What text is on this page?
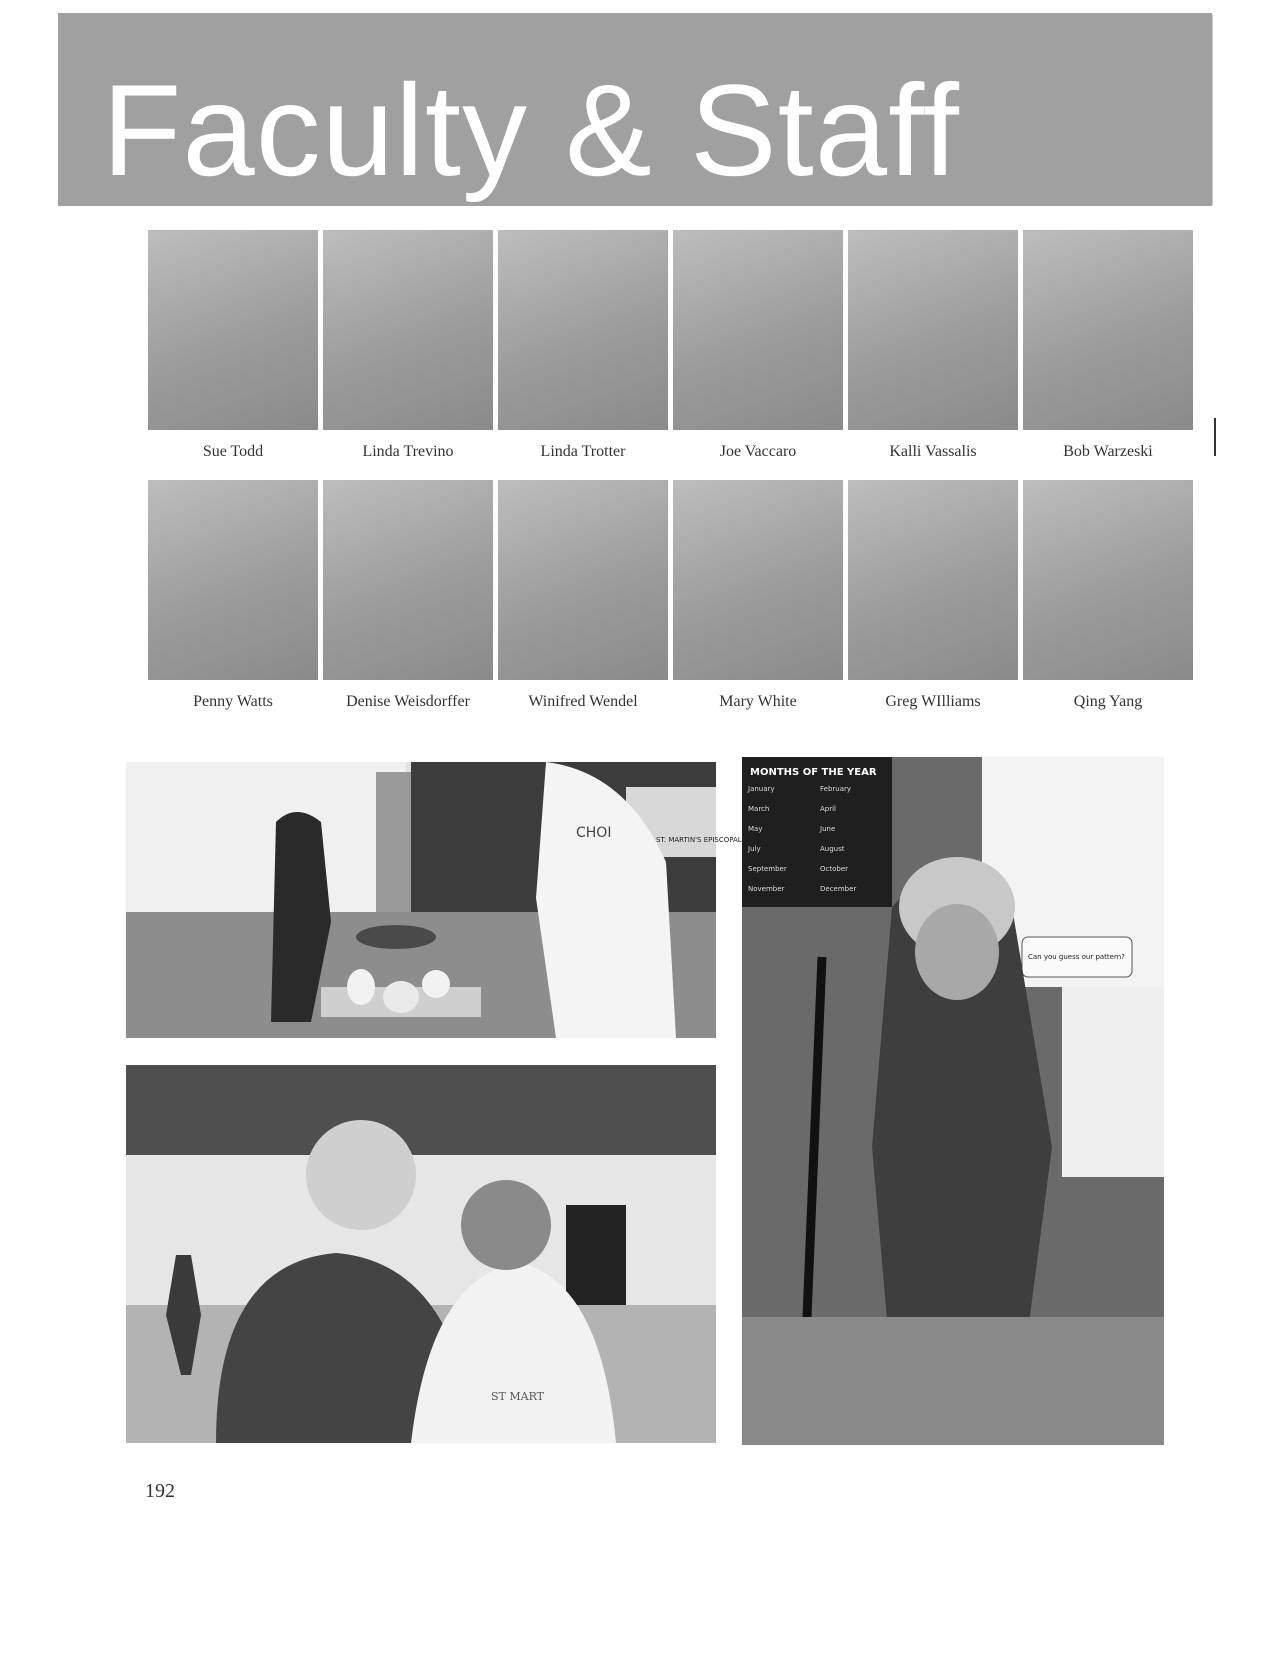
Faculty & Staff
Sue Todd	Linda Trevino	Linda Trotter	Joe Vaccaro	Kalli Vassalis	Bob Warzeski
Penny Watts	Denise Weisdorffer	Winifred Wendel	Mary White	Greg WIlliams	Qing Yang
ST. MARTIN'S EPISCOPAL
CHOI
ST MART
MONTHS OF THE YEAR
January	February
March	April
May	June
July	August
September	October
November	December
Can you guess our pattern?
192
